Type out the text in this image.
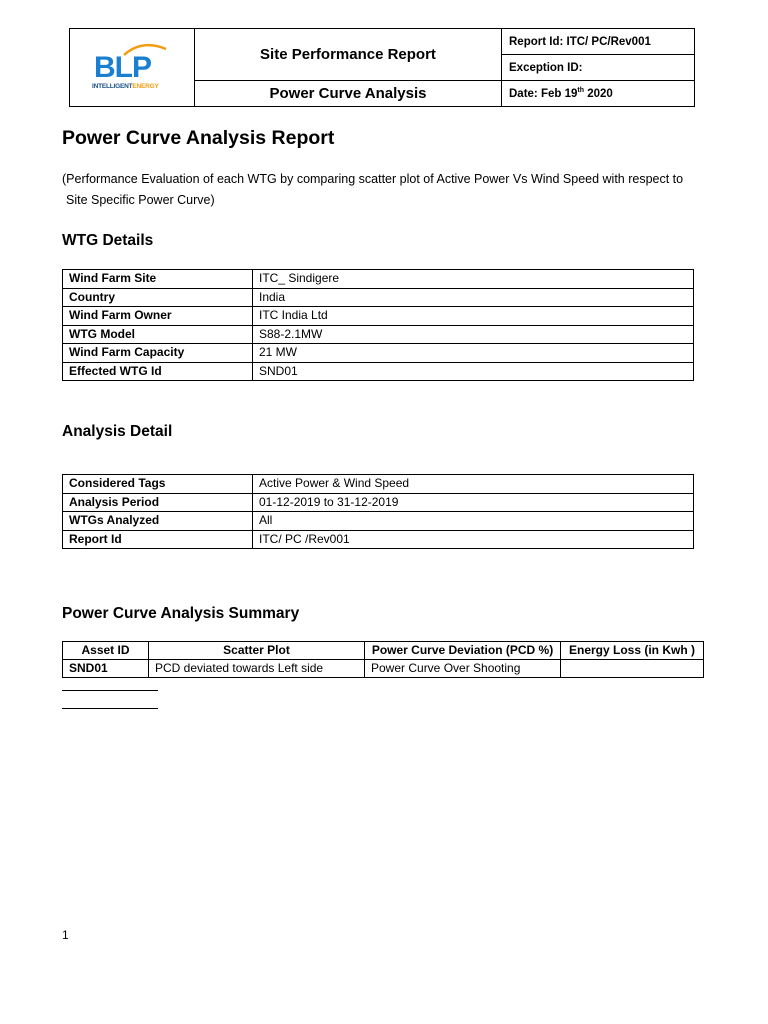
BLP
INTELLIGENTENERGY	Site Performance Report	Report Id: ITC/ PC/Rev001
		Exception ID:
	Power Curve Analysis	Date: Feb 19th 2020
Power Curve Analysis Report
(Performance Evaluation of each WTG by comparing scatter plot of Active Power Vs Wind Speed with respect to
Site Specific Power Curve)
WTG Details
Wind Farm Site	ITC_ Sindigere
Country	India
Wind Farm Owner	ITC India Ltd
WTG Model	S88-2.1MW
Wind Farm Capacity	21 MW
Effected WTG Id	SND01
Analysis Detail
Considered Tags	Active Power & Wind Speed
Analysis Period	01-12-2019 to 31-12-2019
WTGs Analyzed	All
Report Id	ITC/ PC /Rev001
Power Curve Analysis Summary
Asset ID	Scatter Plot	Power Curve Deviation (PCD %)	Energy Loss (in Kwh )
SND01	PCD deviated towards Left side	Power Curve Over Shooting	
1
